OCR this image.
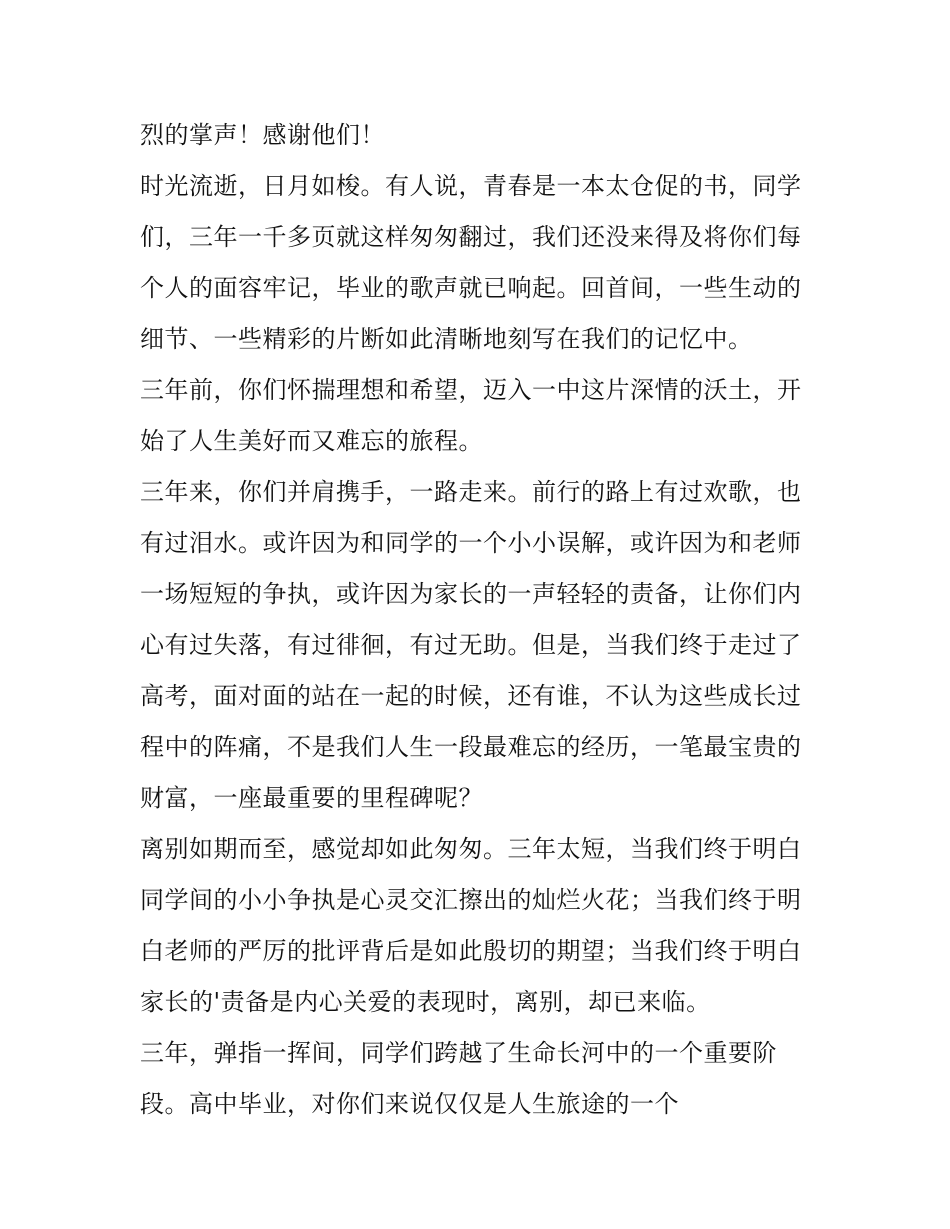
烈的掌声！感谢他们！
时光流逝，日月如梭。有人说，青春是一本太仓促的书，同学
们，三年一千多页就这样匆匆翻过，我们还没来得及将你们每
个人的面容牢记，毕业的歌声就已响起。回首间，一些生动的
细节、一些精彩的片断如此清晰地刻写在我们的记忆中。
三年前，你们怀揣理想和希望，迈入一中这片深情的沃土，开
始了人生美好而又难忘的旅程。
三年来，你们并肩携手，一路走来。前行的路上有过欢歌，也
有过泪水。或许因为和同学的一个小小误解，或许因为和老师
一场短短的争执，或许因为家长的一声轻轻的责备，让你们内
心有过失落，有过徘徊，有过无助。但是，当我们终于走过了
高考，面对面的站在一起的时候，还有谁，不认为这些成长过
程中的阵痛，不是我们人生一段最难忘的经历，一笔最宝贵的
财富，一座最重要的里程碑呢？
离别如期而至，感觉却如此匆匆。三年太短，当我们终于明白
同学间的小小争执是心灵交汇擦出的灿烂火花；当我们终于明
白老师的严厉的批评背后是如此殷切的期望；当我们终于明白
家长的'责备是内心关爱的表现时，离别，却已来临。
三年，弹指一挥间，同学们跨越了生命长河中的一个重要阶
段。高中毕业，对你们来说仅仅是人生旅途的一个
